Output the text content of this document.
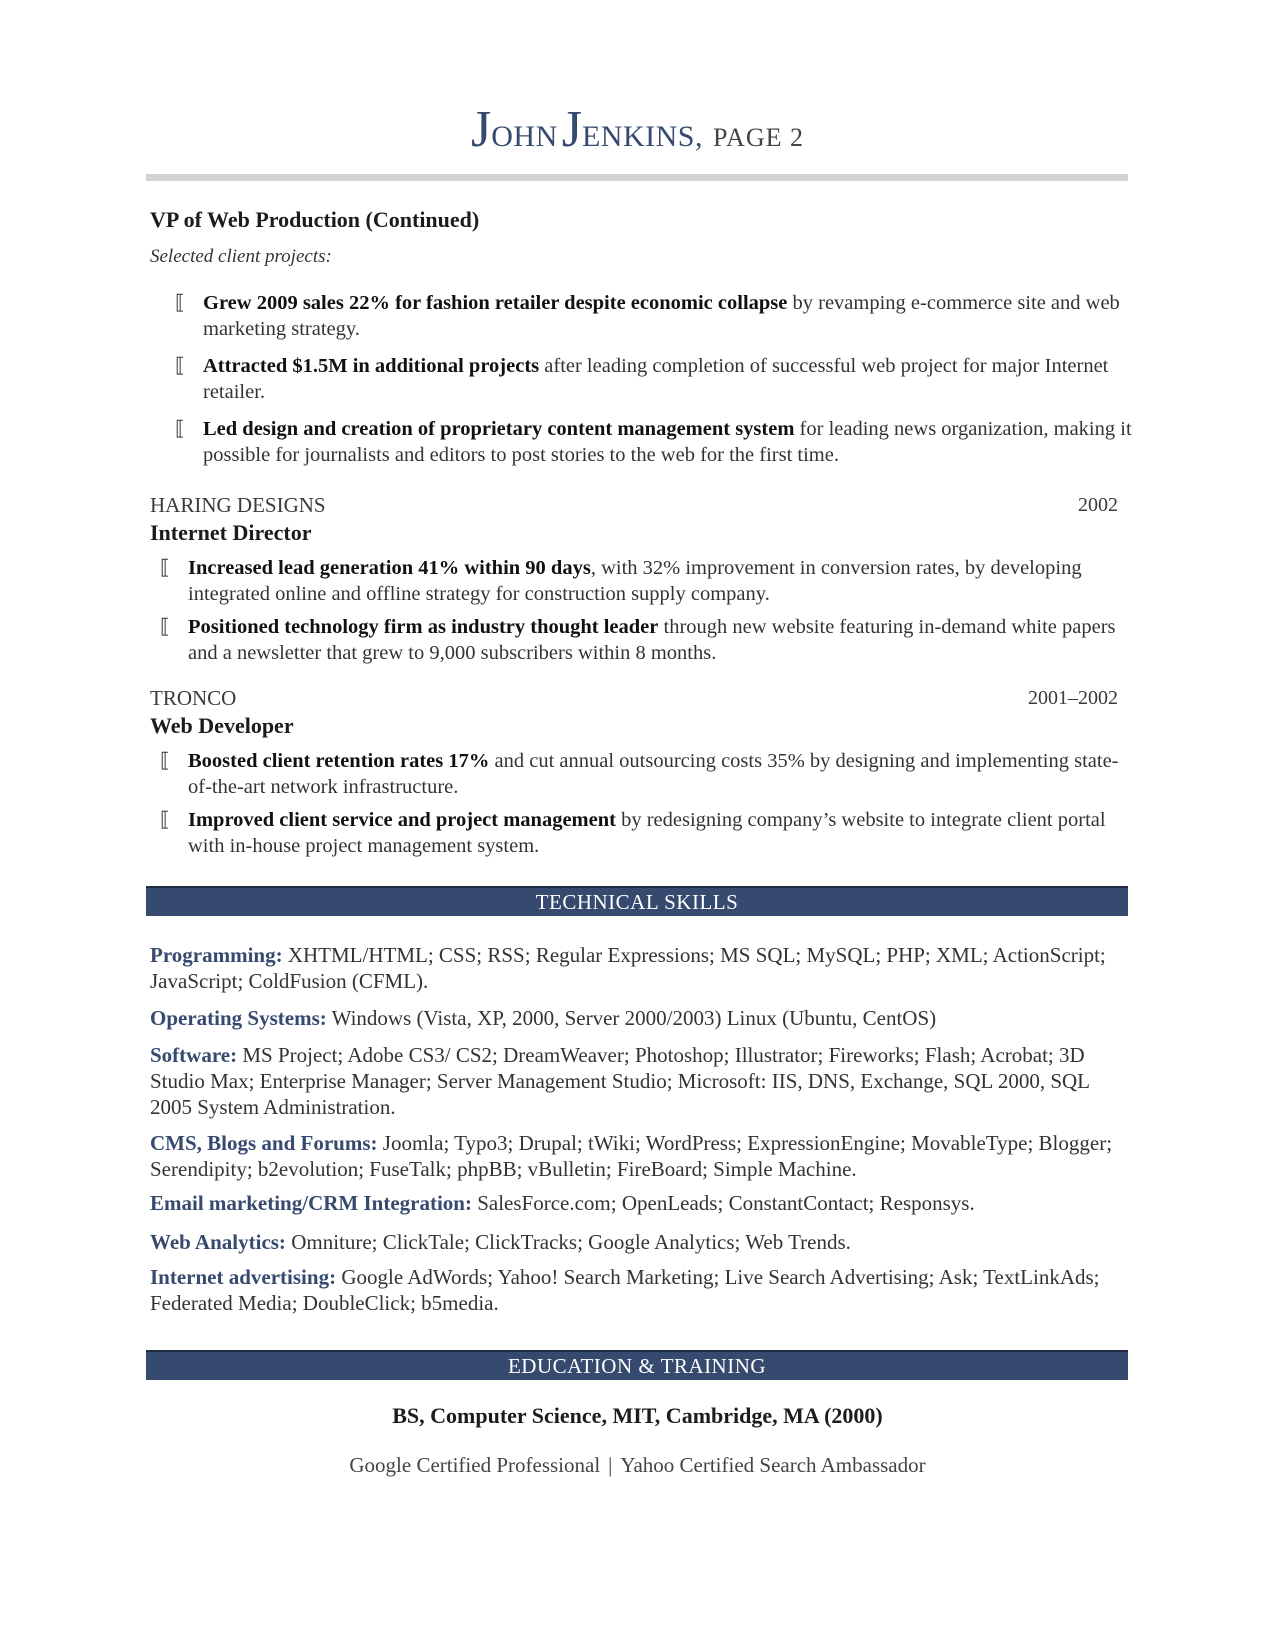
JOHN JENKINS, PAGE 2
VP of Web Production (Continued)
Selected client projects:
⟦ Grew 2009 sales 22% for fashion retailer despite economic collapse by revamping e-commerce site and web marketing strategy.
⟦ Attracted $1.5M in additional projects after leading completion of successful web project for major Internet retailer.
⟦ Led design and creation of proprietary content management system for leading news organization, making it possible for journalists and editors to post stories to the web for the first time.
HARING DESIGNS	2002
Internet Director
⟦ Increased lead generation 41% within 90 days, with 32% improvement in conversion rates, by developing integrated online and offline strategy for construction supply company.
⟦ Positioned technology firm as industry thought leader through new website featuring in-demand white papers and a newsletter that grew to 9,000 subscribers within 8 months.
TRONCO	2001–2002
Web Developer
⟦ Boosted client retention rates 17% and cut annual outsourcing costs 35% by designing and implementing state-of-the-art network infrastructure.
⟦ Improved client service and project management by redesigning company’s website to integrate client portal with in-house project management system.
TECHNICAL SKILLS
Programming: XHTML/HTML; CSS; RSS; Regular Expressions; MS SQL; MySQL; PHP; XML; ActionScript; JavaScript; ColdFusion (CFML).
Operating Systems: Windows (Vista, XP, 2000, Server 2000/2003) Linux (Ubuntu, CentOS)
Software: MS Project; Adobe CS3/ CS2; DreamWeaver; Photoshop; Illustrator; Fireworks; Flash; Acrobat; 3D Studio Max; Enterprise Manager; Server Management Studio; Microsoft: IIS, DNS, Exchange, SQL 2000, SQL 2005 System Administration.
CMS, Blogs and Forums: Joomla; Typo3; Drupal; tWiki; WordPress; ExpressionEngine; MovableType; Blogger; Serendipity; b2evolution; FuseTalk; phpBB; vBulletin; FireBoard; Simple Machine.
Email marketing/CRM Integration: SalesForce.com; OpenLeads; ConstantContact; Responsys.
Web Analytics: Omniture; ClickTale; ClickTracks; Google Analytics; Web Trends.
Internet advertising: Google AdWords; Yahoo! Search Marketing; Live Search Advertising; Ask; TextLinkAds; Federated Media; DoubleClick; b5media.
EDUCATION & TRAINING
BS, Computer Science, MIT, Cambridge, MA (2000)
Google Certified Professional | Yahoo Certified Search Ambassador
